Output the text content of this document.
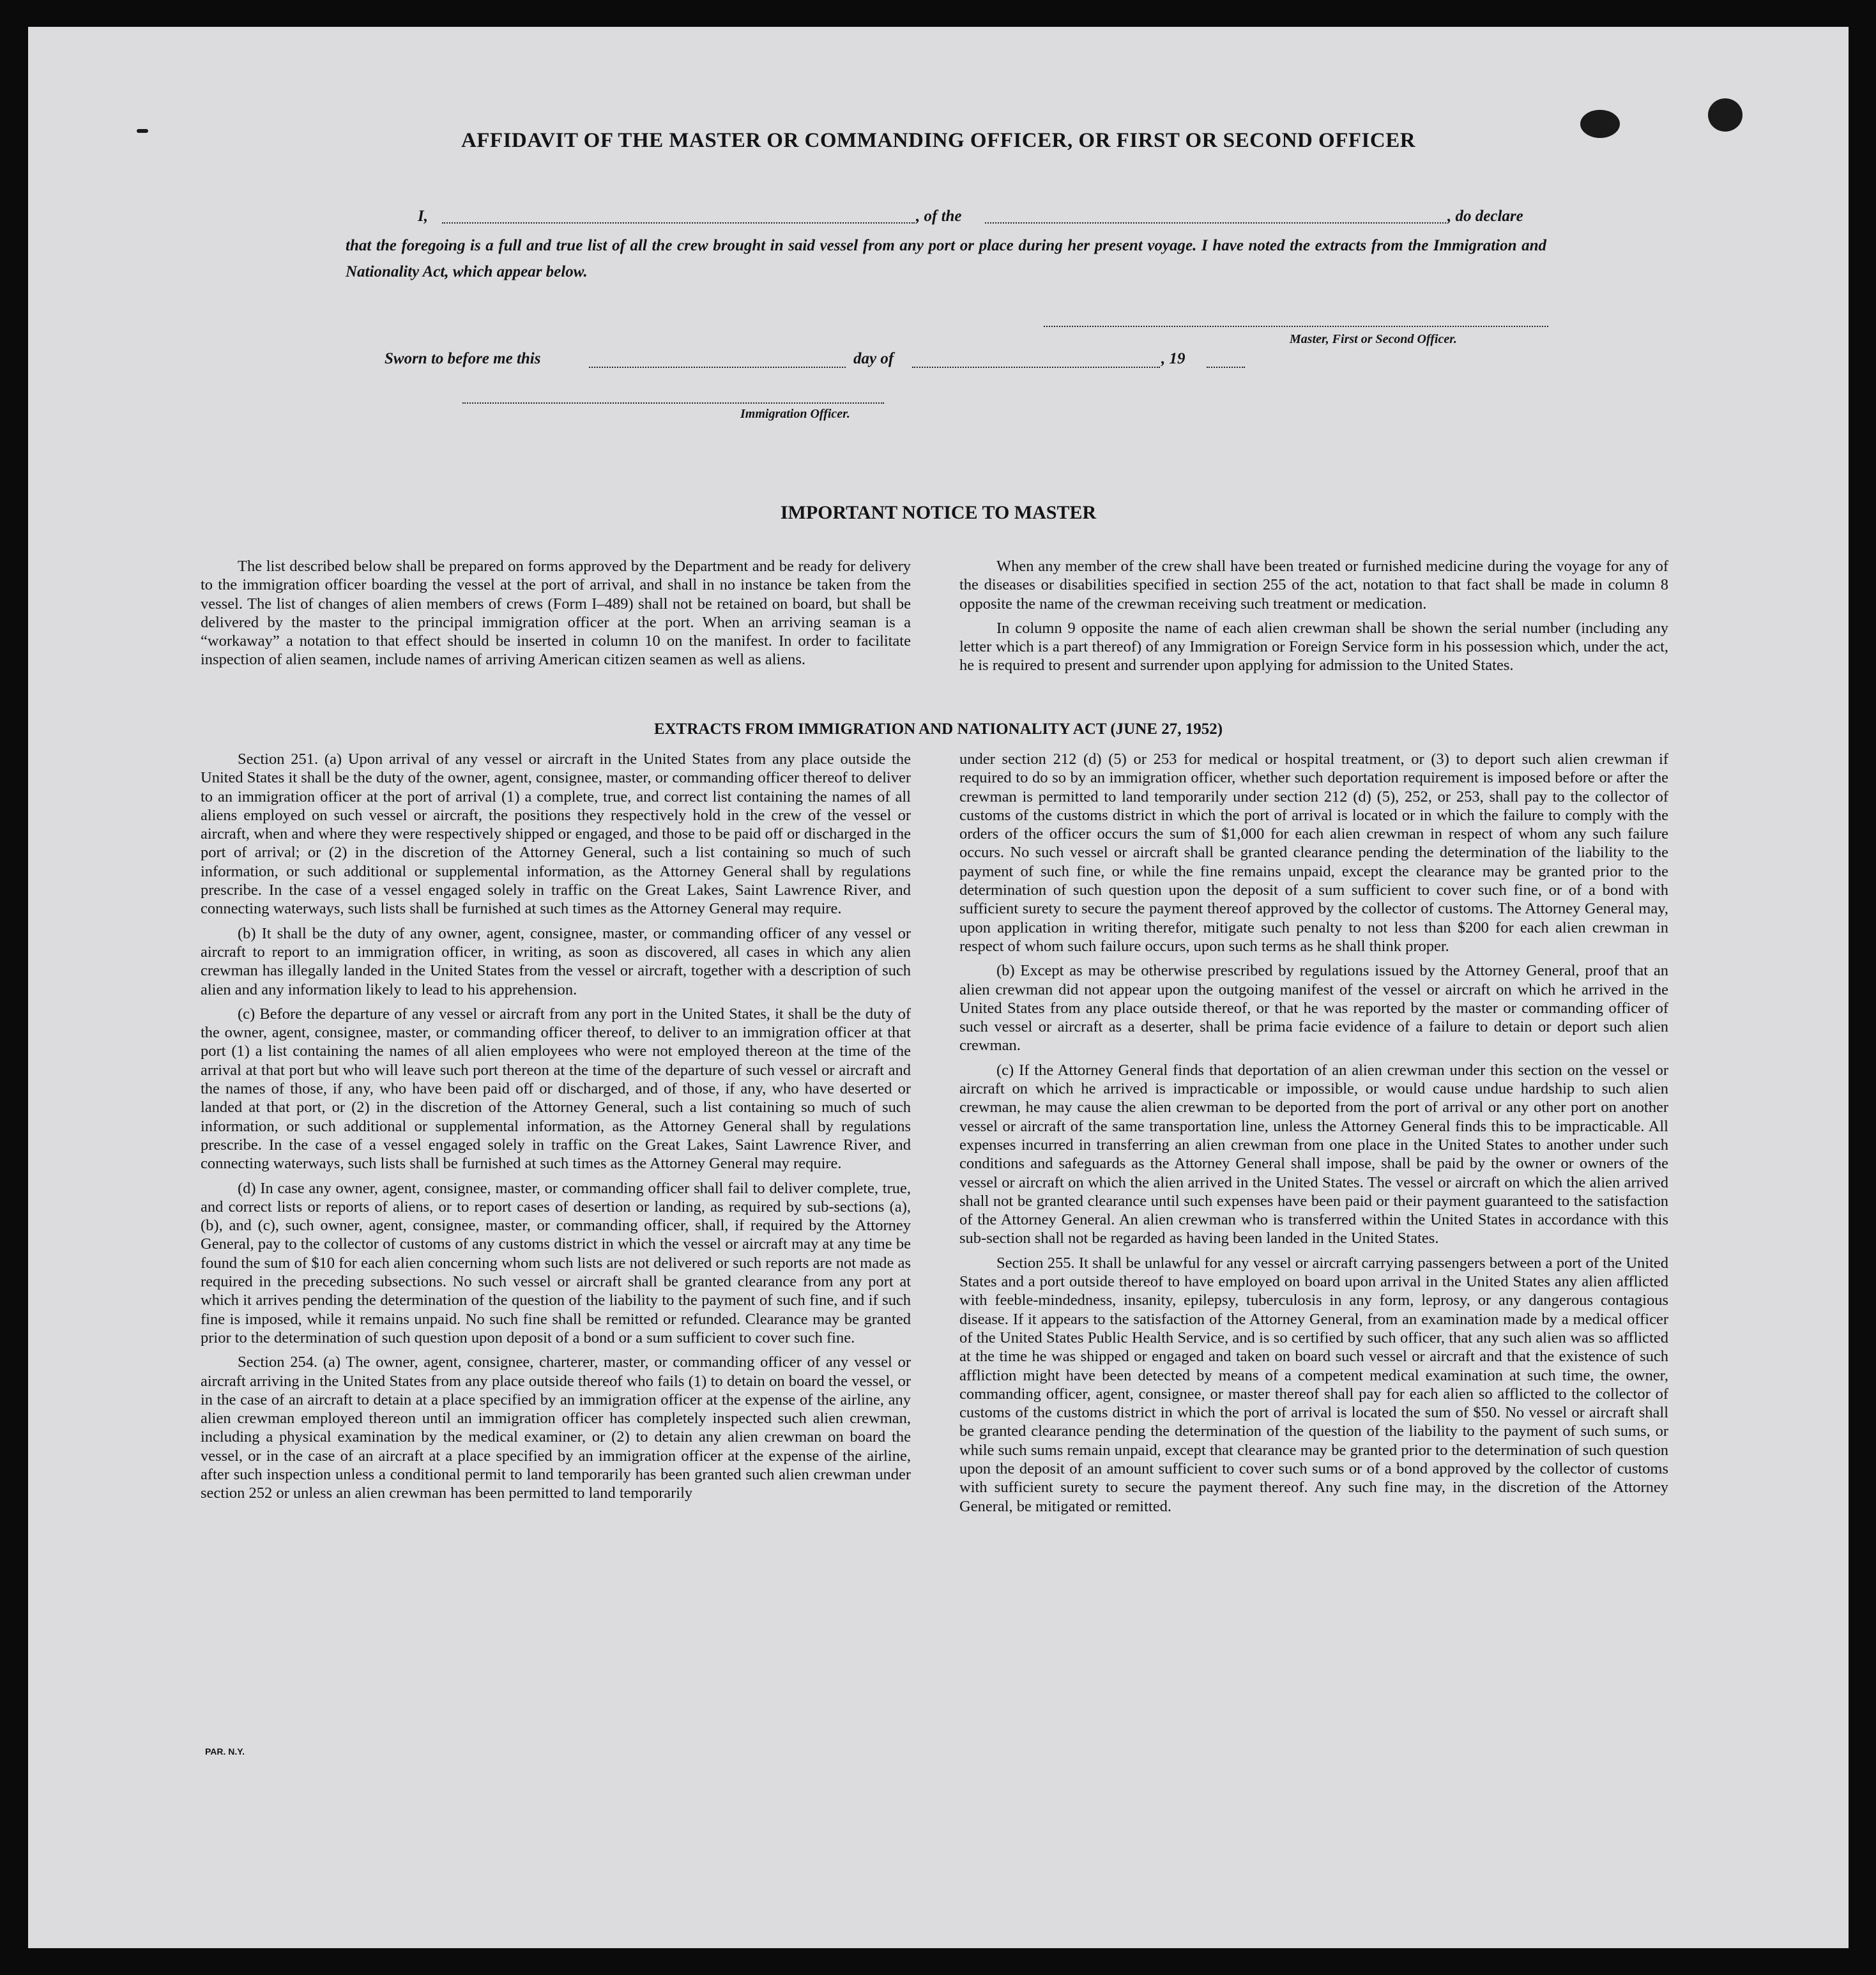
AFFIDAVIT OF THE MASTER OR COMMANDING OFFICER, OR FIRST OR SECOND OFFICER
I,	, of the	, do declare
that the foregoing is a full and true list of all the crew brought in said vessel from any port or place during her present voyage. I have noted the extracts from the Immigration and Nationality Act, which appear below.
Master, First or Second Officer.
Sworn to before me this	day of	, 19
Immigration Officer.
IMPORTANT NOTICE TO MASTER

The list described below shall be prepared on forms approved by the Department and be ready for delivery to the immigration officer boarding the vessel at the port of arrival, and shall in no instance be taken from the vessel. The list of changes of alien members of crews (Form I–489) shall not be retained on board, but shall be delivered by the master to the principal immigration officer at the port. When an arriving seaman is a “workaway” a notation to that effect should be inserted in column 10 on the manifest. In order to facilitate inspection of alien seamen, include names of arriving American citizen seamen as well as aliens.

When any member of the crew shall have been treated or furnished medicine during the voyage for any of the diseases or disabilities specified in section 255 of the act, notation to that fact shall be made in column 8 opposite the name of the crewman receiving such treatment or medication.

In column 9 opposite the name of each alien crewman shall be shown the serial number (including any letter which is a part thereof) of any Immigration or Foreign Service form in his possession which, under the act, he is required to present and surrender upon applying for admission to the United States.

EXTRACTS FROM IMMIGRATION AND NATIONALITY ACT (JUNE 27, 1952)

Section 251. (a) Upon arrival of any vessel or aircraft in the United States from any place outside the United States it shall be the duty of the owner, agent, consignee, master, or commanding officer thereof to deliver to an immigration officer at the port of arrival (1) a complete, true, and correct list containing the names of all aliens employed on such vessel or aircraft, the positions they respectively hold in the crew of the vessel or aircraft, when and where they were respectively shipped or engaged, and those to be paid off or discharged in the port of arrival; or (2) in the discretion of the Attorney General, such a list containing so much of such information, or such additional or supplemental information, as the Attorney General shall by regulations prescribe. In the case of a vessel engaged solely in traffic on the Great Lakes, Saint Lawrence River, and connecting waterways, such lists shall be furnished at such times as the Attorney General may require.

(b) It shall be the duty of any owner, agent, consignee, master, or commanding officer of any vessel or aircraft to report to an immigration officer, in writing, as soon as discovered, all cases in which any alien crewman has illegally landed in the United States from the vessel or aircraft, together with a description of such alien and any information likely to lead to his apprehension.

(c) Before the departure of any vessel or aircraft from any port in the United States, it shall be the duty of the owner, agent, consignee, master, or commanding officer thereof, to deliver to an immigration officer at that port (1) a list containing the names of all alien employees who were not employed thereon at the time of the arrival at that port but who will leave such port thereon at the time of the departure of such vessel or aircraft and the names of those, if any, who have been paid off or discharged, and of those, if any, who have deserted or landed at that port, or (2) in the discretion of the Attorney General, such a list containing so much of such information, or such additional or supplemental information, as the Attorney General shall by regulations prescribe. In the case of a vessel engaged solely in traffic on the Great Lakes, Saint Lawrence River, and connecting waterways, such lists shall be furnished at such times as the Attorney General may require.

(d) In case any owner, agent, consignee, master, or commanding officer shall fail to deliver complete, true, and correct lists or reports of aliens, or to report cases of desertion or landing, as required by sub-sections (a), (b), and (c), such owner, agent, consignee, master, or commanding officer, shall, if required by the Attorney General, pay to the collector of customs of any customs district in which the vessel or aircraft may at any time be found the sum of $10 for each alien concerning whom such lists are not delivered or such reports are not made as required in the preceding subsections. No such vessel or aircraft shall be granted clearance from any port at which it arrives pending the determination of the question of the liability to the payment of such fine, and if such fine is imposed, while it remains unpaid. No such fine shall be remitted or refunded. Clearance may be granted prior to the determination of such question upon deposit of a bond or a sum sufficient to cover such fine.

Section 254. (a) The owner, agent, consignee, charterer, master, or commanding officer of any vessel or aircraft arriving in the United States from any place outside thereof who fails (1) to detain on board the vessel, or in the case of an aircraft to detain at a place specified by an immigration officer at the expense of the airline, any alien crewman employed thereon until an immigration officer has completely inspected such alien crewman, including a physical examination by the medical examiner, or (2) to detain any alien crewman on board the vessel, or in the case of an aircraft at a place specified by an immigration officer at the expense of the airline, after such inspection unless a conditional permit to land temporarily has been granted such alien crewman under section 252 or unless an alien crewman has been permitted to land temporarily

under section 212 (d) (5) or 253 for medical or hospital treatment, or (3) to deport such alien crewman if required to do so by an immigration officer, whether such deportation requirement is imposed before or after the crewman is permitted to land temporarily under section 212 (d) (5), 252, or 253, shall pay to the collector of customs of the customs district in which the port of arrival is located or in which the failure to comply with the orders of the officer occurs the sum of $1,000 for each alien crewman in respect of whom any such failure occurs. No such vessel or aircraft shall be granted clearance pending the determination of the liability to the payment of such fine, or while the fine remains unpaid, except the clearance may be granted prior to the determination of such question upon the deposit of a sum sufficient to cover such fine, or of a bond with sufficient surety to secure the payment thereof approved by the collector of customs. The Attorney General may, upon application in writing therefor, mitigate such penalty to not less than $200 for each alien crewman in respect of whom such failure occurs, upon such terms as he shall think proper.

(b) Except as may be otherwise prescribed by regulations issued by the Attorney General, proof that an alien crewman did not appear upon the outgoing manifest of the vessel or aircraft on which he arrived in the United States from any place outside thereof, or that he was reported by the master or commanding officer of such vessel or aircraft as a deserter, shall be prima facie evidence of a failure to detain or deport such alien crewman.

(c) If the Attorney General finds that deportation of an alien crewman under this section on the vessel or aircraft on which he arrived is impracticable or impossible, or would cause undue hardship to such alien crewman, he may cause the alien crewman to be deported from the port of arrival or any other port on another vessel or aircraft of the same transportation line, unless the Attorney General finds this to be impracticable. All expenses incurred in transferring an alien crewman from one place in the United States to another under such conditions and safeguards as the Attorney General shall impose, shall be paid by the owner or owners of the vessel or aircraft on which the alien arrived in the United States. The vessel or aircraft on which the alien arrived shall not be granted clearance until such expenses have been paid or their payment guaranteed to the satisfaction of the Attorney General. An alien crewman who is transferred within the United States in accordance with this sub-section shall not be regarded as having been landed in the United States.

Section 255. It shall be unlawful for any vessel or aircraft carrying passengers between a port of the United States and a port outside thereof to have employed on board upon arrival in the United States any alien afflicted with feeble-mindedness, insanity, epilepsy, tuberculosis in any form, leprosy, or any dangerous contagious disease. If it appears to the satisfaction of the Attorney General, from an examination made by a medical officer of the United States Public Health Service, and is so certified by such officer, that any such alien was so afflicted at the time he was shipped or engaged and taken on board such vessel or aircraft and that the existence of such affliction might have been detected by means of a competent medical examination at such time, the owner, commanding officer, agent, consignee, or master thereof shall pay for each alien so afflicted to the collector of customs of the customs district in which the port of arrival is located the sum of $50. No vessel or aircraft shall be granted clearance pending the determination of the question of the liability to the payment of such sums, or while such sums remain unpaid, except that clearance may be granted prior to the determination of such question upon the deposit of an amount sufficient to cover such sums or of a bond approved by the collector of customs with sufficient surety to secure the payment thereof. Any such fine may, in the discretion of the Attorney General, be mitigated or remitted.

PAR. N.Y.
